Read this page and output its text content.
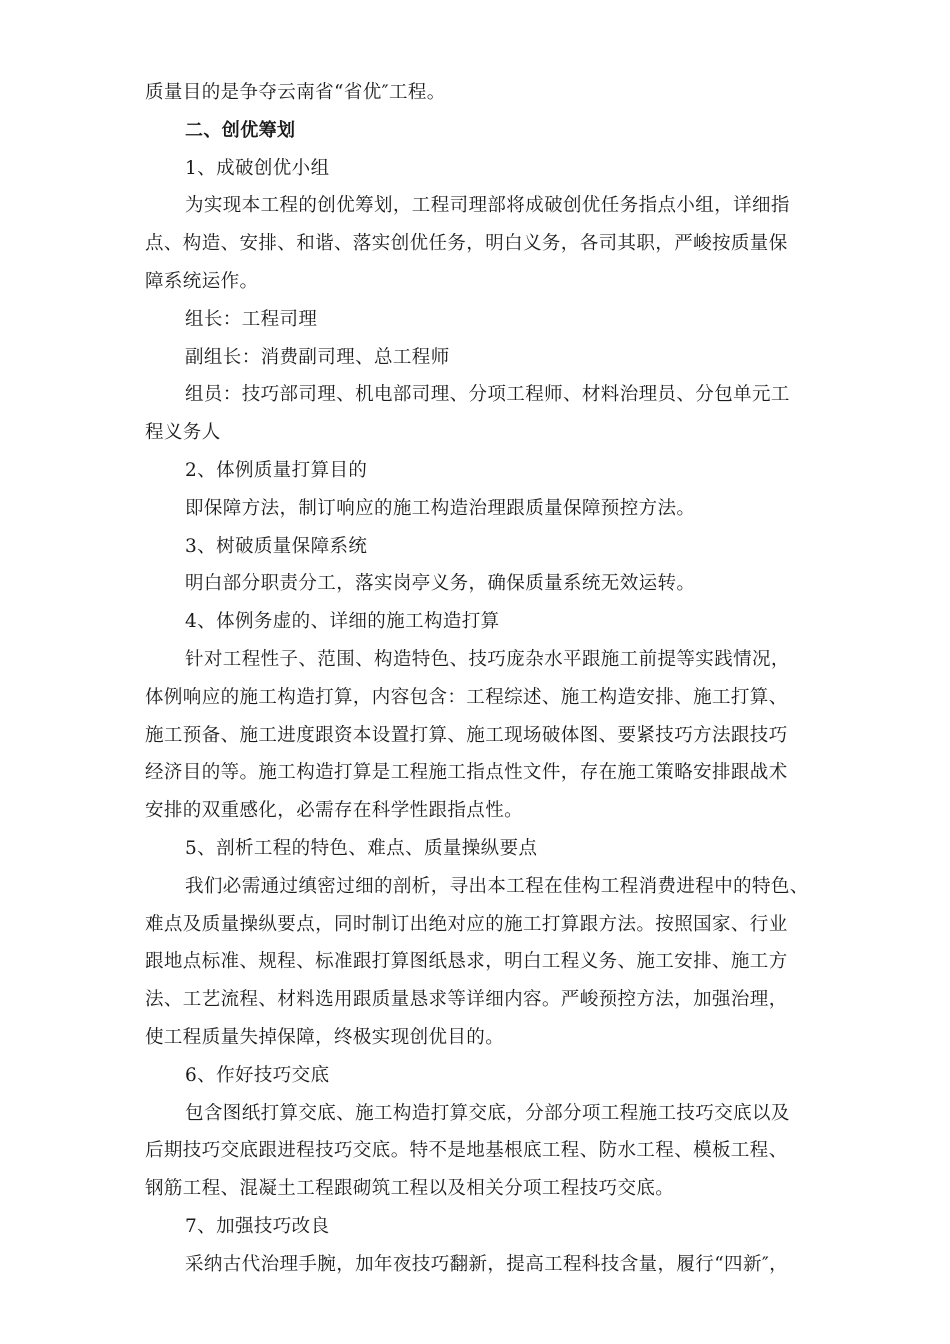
质量目的是争夺云南省“省优″工程。
二、创优筹划
1、成破创优小组
为实现本工程的创优筹划，工程司理部将成破创优任务指点小组，详细指
点、构造、安排、和谐、落实创优任务，明白义务，各司其职，严峻按质量保
障系统运作。
组长：工程司理
副组长：消费副司理、总工程师
组员：技巧部司理、机电部司理、分项工程师、材料治理员、分包单元工
程义务人
2、体例质量打算目的
即保障方法，制订响应的施工构造治理跟质量保障预控方法。
3、树破质量保障系统
明白部分职责分工，落实岗亭义务，确保质量系统无效运转。
4、体例务虚的、详细的施工构造打算
针对工程性子、范围、构造特色、技巧庞杂水平跟施工前提等实践情况，
体例响应的施工构造打算，内容包含：工程综述、施工构造安排、施工打算、
施工预备、施工进度跟资本设置打算、施工现场破体图、要紧技巧方法跟技巧
经济目的等。施工构造打算是工程施工指点性文件，存在施工策略安排跟战术
安排的双重感化，必需存在科学性跟指点性。
5、剖析工程的特色、难点、质量操纵要点
我们必需通过缜密过细的剖析，寻出本工程在佳构工程消费进程中的特色、
难点及质量操纵要点，同时制订出绝对应的施工打算跟方法。按照国家、行业
跟地点标准、规程、标准跟打算图纸恳求，明白工程义务、施工安排、施工方
法、工艺流程、材料选用跟质量恳求等详细内容。严峻预控方法，加强治理，
使工程质量失掉保障，终极实现创优目的。
6、作好技巧交底
包含图纸打算交底、施工构造打算交底，分部分项工程施工技巧交底以及
后期技巧交底跟进程技巧交底。特不是地基根底工程、防水工程、模板工程、
钢筋工程、混凝土工程跟砌筑工程以及相关分项工程技巧交底。
7、加强技巧改良
采纳古代治理手腕，加年夜技巧翻新，提高工程科技含量，履行“四新″，
